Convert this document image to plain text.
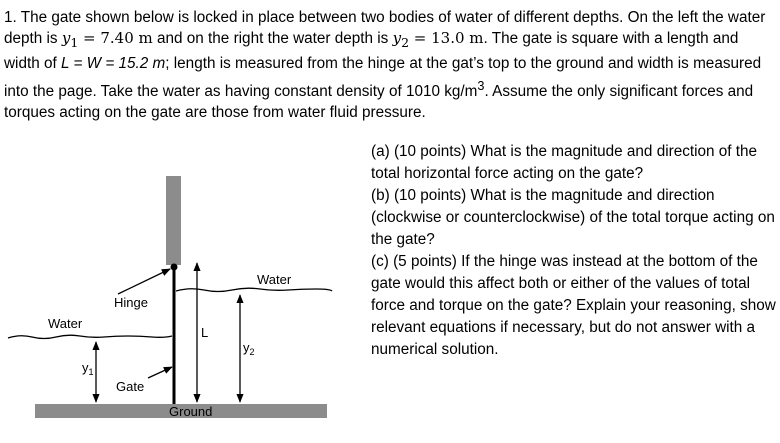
1. The gate shown below is locked in place between two bodies of water of different depths. On the left the water depth is $y_1 = 7.40$ m and on the right the water depth is $y_2 = 13.0$ m. The gate is square with a length and width of L = W = 15.2 m; length is measured from the hinge at the gat’s top to the ground and width is measured into the page. Take the water as having constant density of 1010 $kg/m^3$. Assume the only significant forces and torques acting on the gate are those from water fluid pressure.

(a) (10 points) What is the magnitude and direction of the total horizontal force acting on the gate?

(b) (10 points) What is the magnitude and direction (clockwise or counterclockwise) of the total torque acting on the gate?

(c) (5 points) If the hinge was instead at the bottom of the gate would this affect both or either of the values of total force and torque on the gate? Explain your reasoning, show relevant equations if necessary, but do not answer with a numerical solution.

Water
Water
Hinge
Gate
Ground
L
$y_1$
$y_2$
